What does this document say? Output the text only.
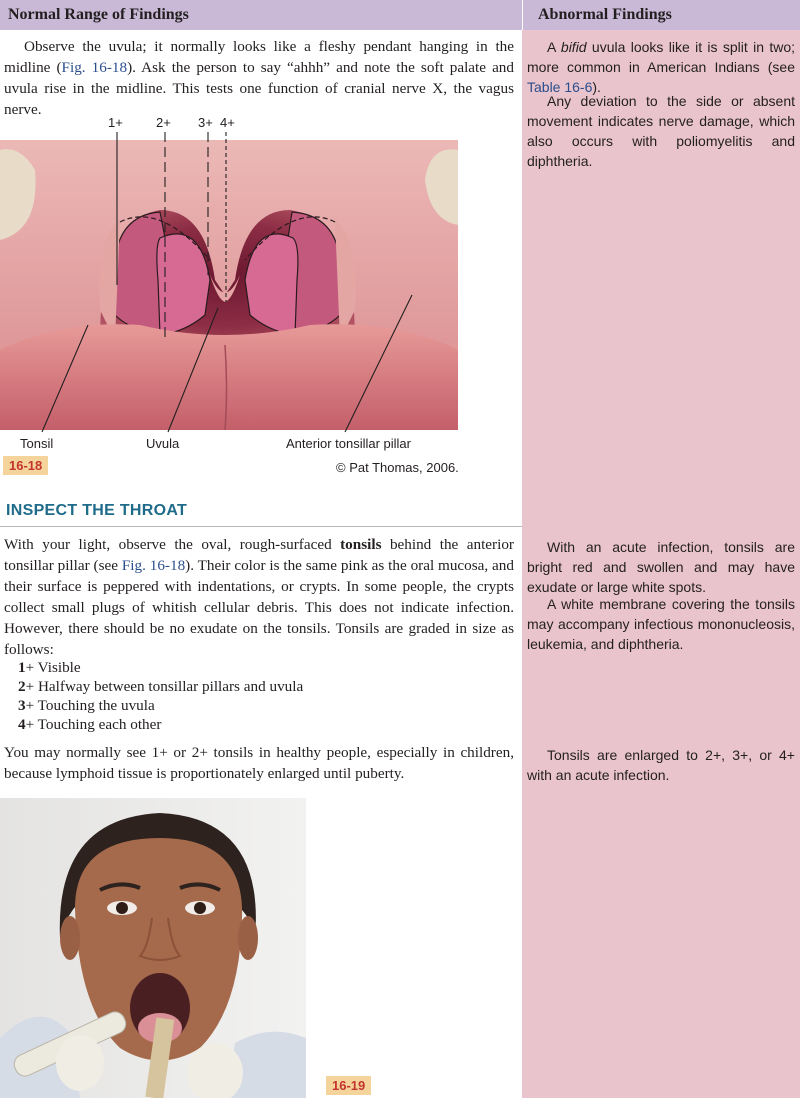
Normal Range of Findings	Abnormal Findings
Observe the uvula; it normally looks like a fleshy pendant hanging in the midline (Fig. 16-18). Ask the person to say “ahhh” and note the soft palate and uvula rise in the midline. This tests one function of cranial nerve X, the vagus nerve.
A bifid uvula looks like it is split in two; more common in American Indians (see Table 16-6).
Any deviation to the side or absent movement indicates nerve damage, which also occurs with poliomyelitis and diphtheria.
1+	2+ 3+ 4+
Tonsil	Uvula	Anterior tonsillar pillar
16-18	© Pat Thomas, 2006.
INSPECT THE THROAT
With your light, observe the oval, rough-surfaced tonsils behind the anterior tonsillar pillar (see Fig. 16-18). Their color is the same pink as the oral mucosa, and their surface is peppered with indentations, or crypts. In some people, the crypts collect small plugs of whitish cellular debris. This does not indicate infection. However, there should be no exudate on the tonsils. Tonsils are graded in size as follows:
1+ Visible
2+ Halfway between tonsillar pillars and uvula
3+ Touching the uvula
4+ Touching each other
You may normally see 1+ or 2+ tonsils in healthy people, especially in children, because lymphoid tissue is proportionately enlarged until puberty.
With an acute infection, tonsils are bright red and swollen and may have exudate or large white spots.
A white membrane covering the tonsils may accompany infectious mononucleosis, leukemia, and diphtheria.
Tonsils are enlarged to 2+, 3+, or 4+ with an acute infection.
16-19
